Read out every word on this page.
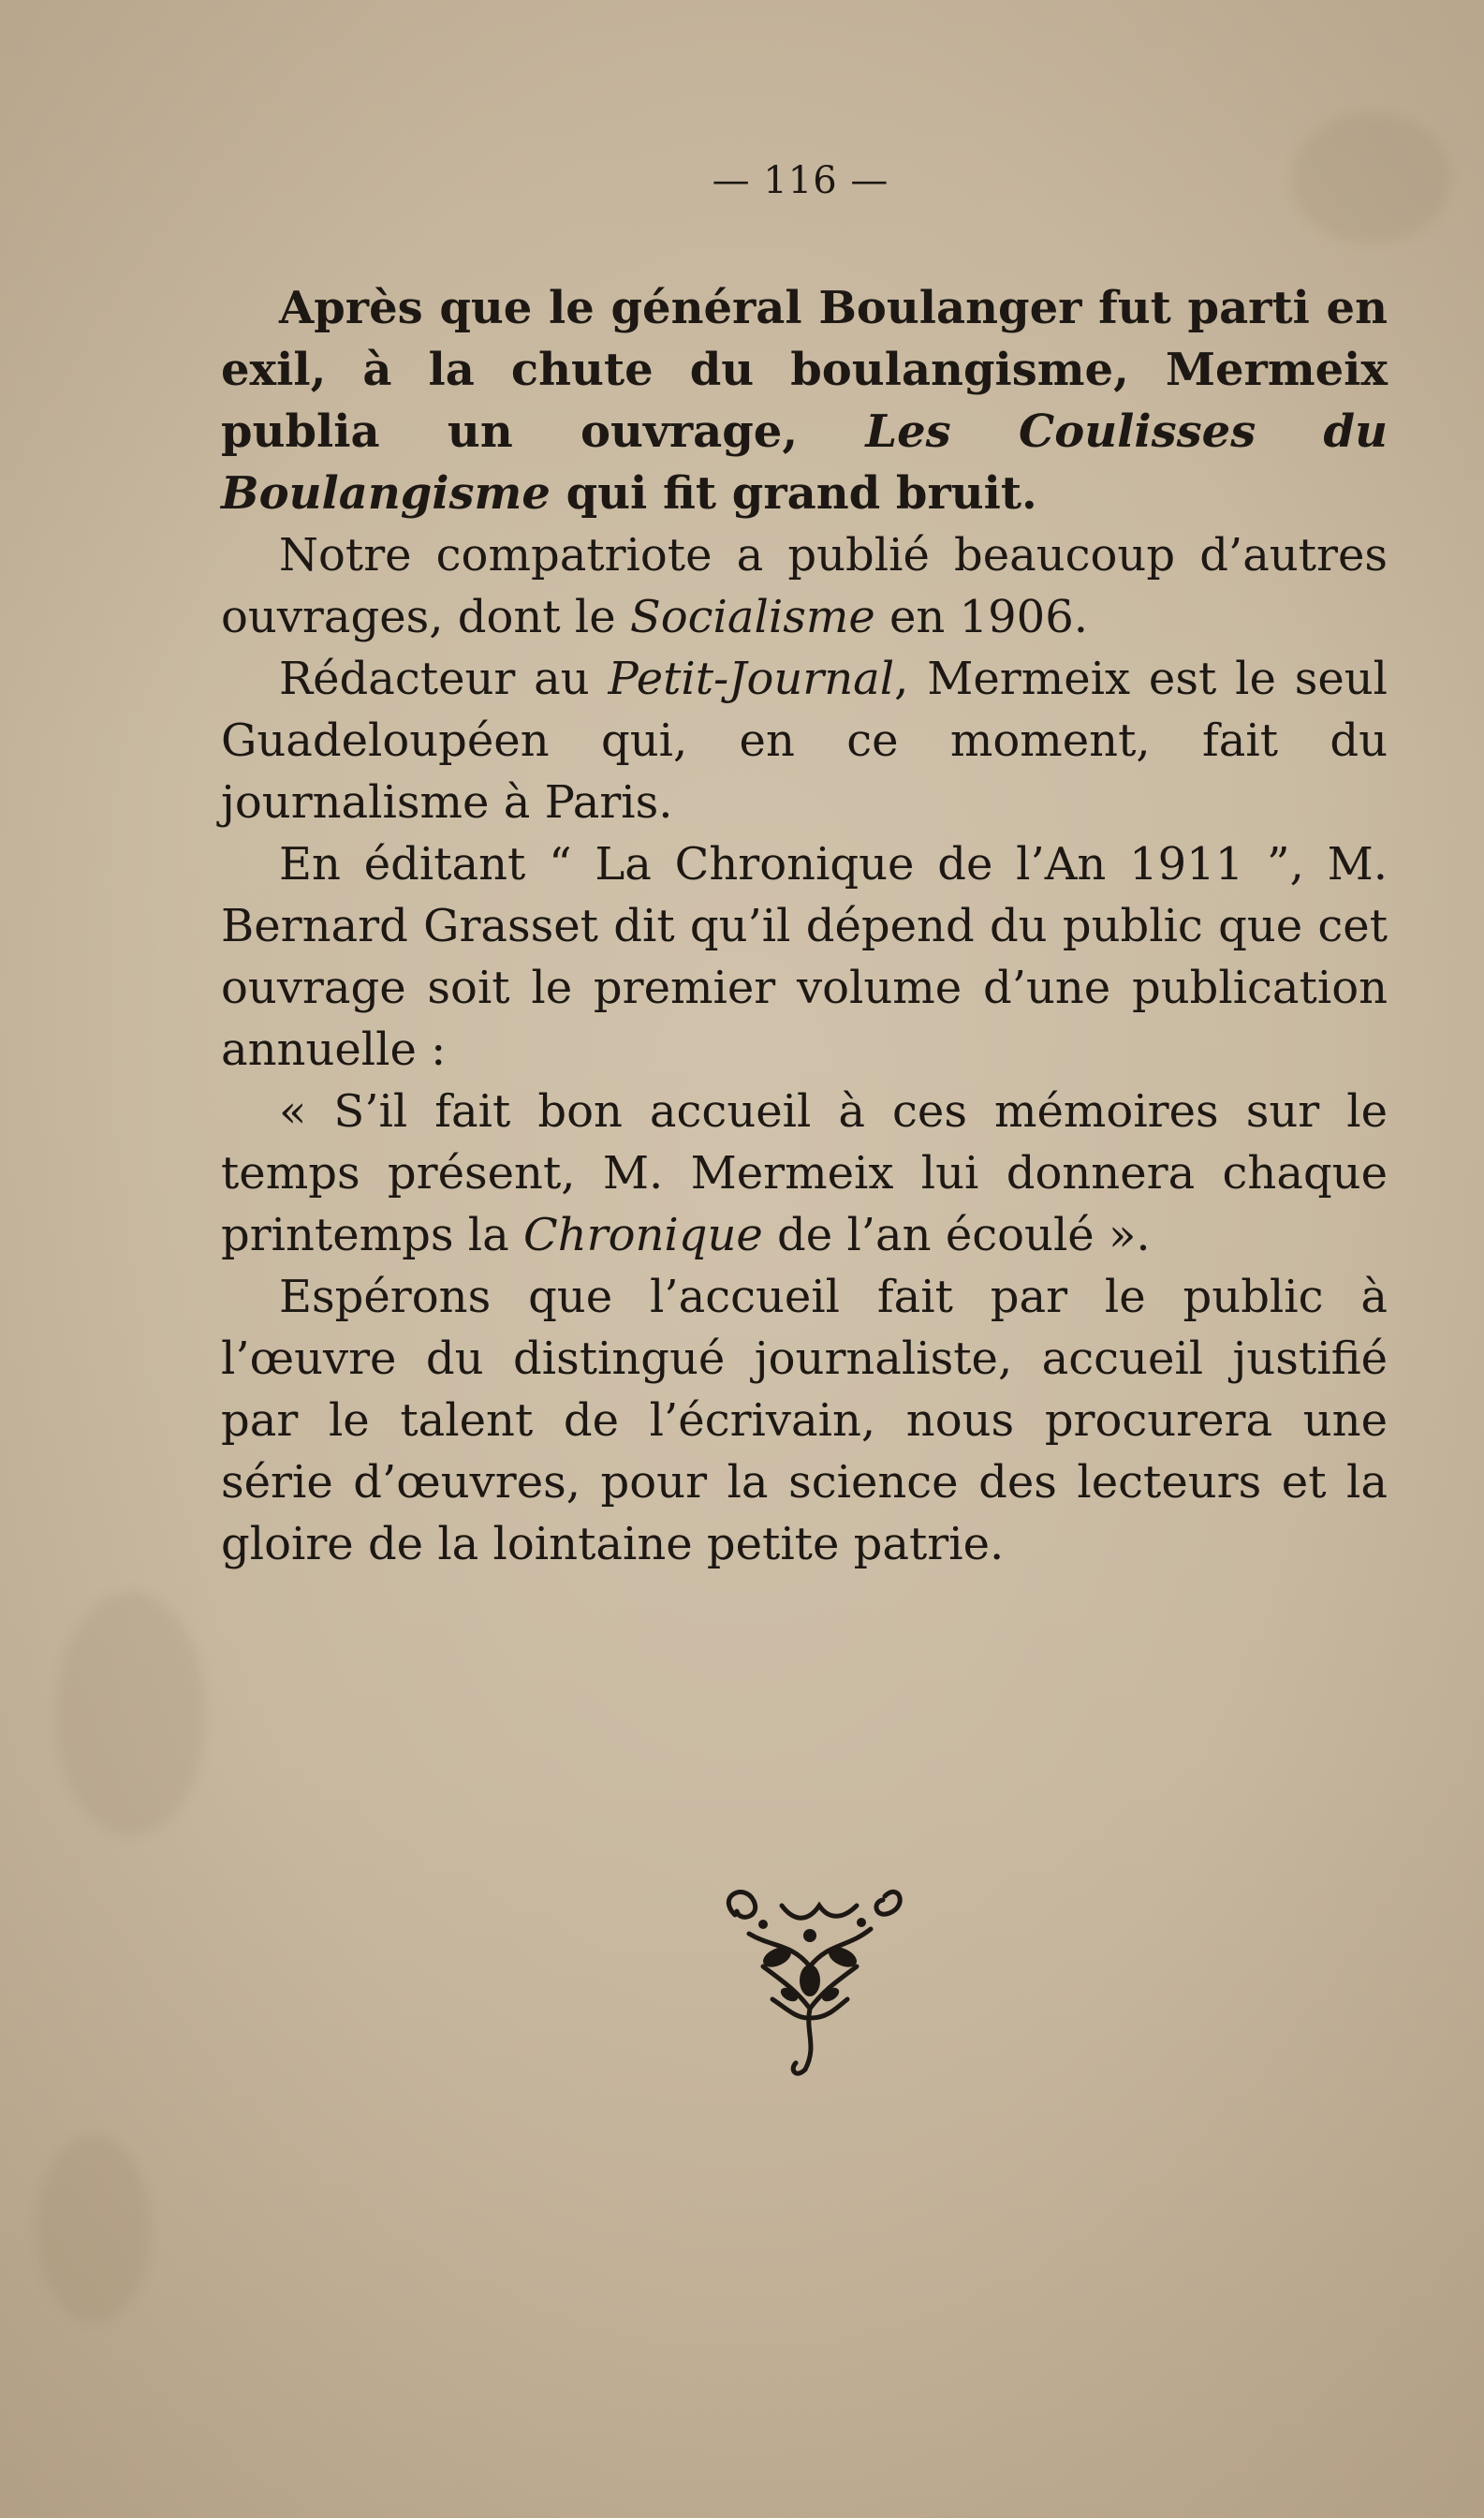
— 116 —

Après que le général Boulanger fut parti en exil, à la chute du boulangisme, Mermeix publia un ouvrage, Les Coulisses du Boulangisme qui fit grand bruit.

Notre compatriote a publié beaucoup d’autres ouvrages, dont le Socialisme en 1906.

Rédacteur au Petit-Journal, Mermeix est le seul Guadeloupéen qui, en ce moment, fait du journalisme à Paris.

En éditant “ La Chronique de l’An 1911 ”, M. Bernard Grasset dit qu’il dépend du public que cet ouvrage soit le premier volume d’une publication annuelle :

« S’il fait bon accueil à ces mémoires sur le temps présent, M. Mermeix lui donnera chaque printemps la Chronique de l’an écoulé ».

Espérons que l’accueil fait par le public à l’œuvre du distingué journaliste, accueil justifié par le talent de l’écrivain, nous procurera une série d’œuvres, pour la science des lecteurs et la gloire de la lointaine petite patrie.
